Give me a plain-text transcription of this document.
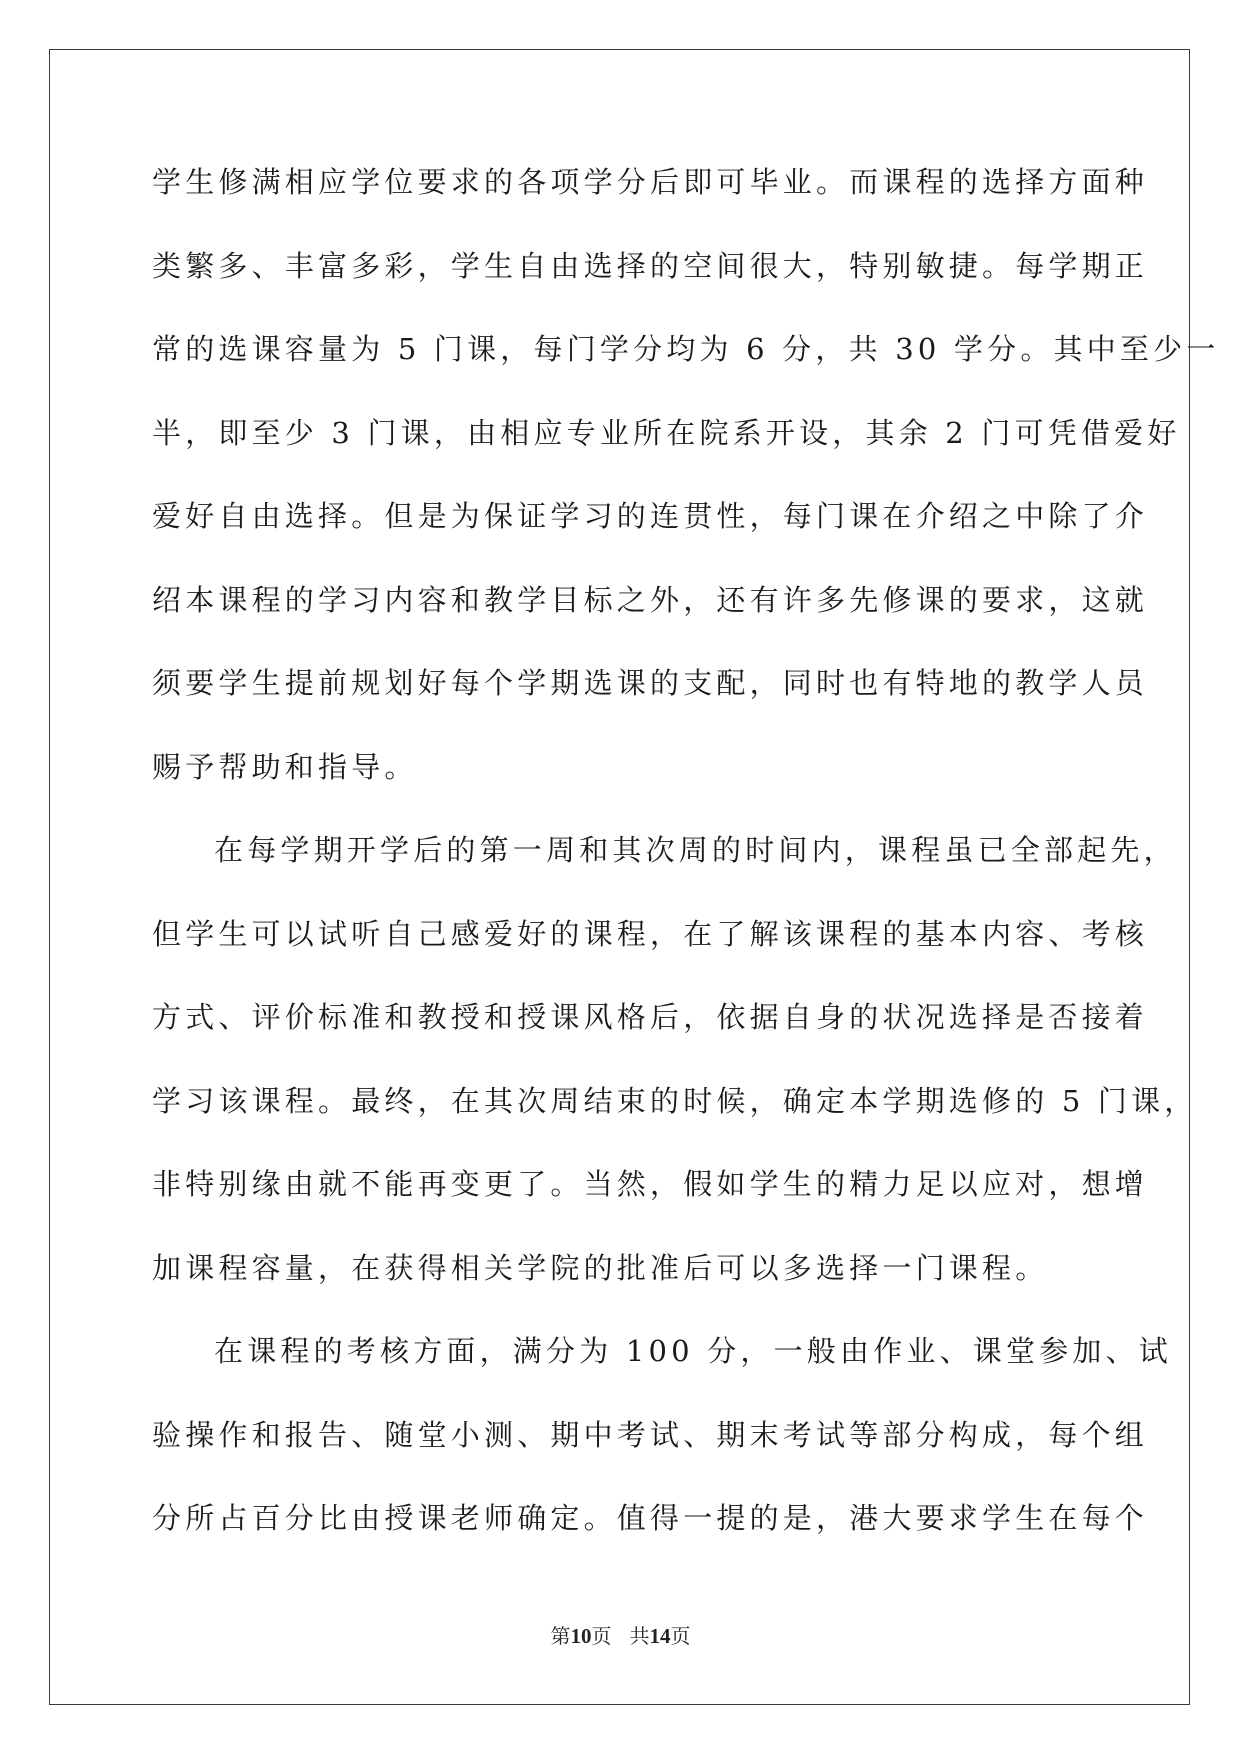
学生修满相应学位要求的各项学分后即可毕业。而课程的选择方面种
类繁多、丰富多彩，学生自由选择的空间很大，特别敏捷。每学期正
常的选课容量为 5 门课，每门学分均为 6 分，共 30 学分。其中至少一
半，即至少 3 门课，由相应专业所在院系开设，其余 2 门可凭借爱好
爱好自由选择。但是为保证学习的连贯性，每门课在介绍之中除了介
绍本课程的学习内容和教学目标之外，还有许多先修课的要求，这就
须要学生提前规划好每个学期选课的支配，同时也有特地的教学人员
赐予帮助和指导。
在每学期开学后的第一周和其次周的时间内，课程虽已全部起先，
但学生可以试听自己感爱好的课程，在了解该课程的基本内容、考核
方式、评价标准和教授和授课风格后，依据自身的状况选择是否接着
学习该课程。最终，在其次周结束的时候，确定本学期选修的 5 门课，
非特别缘由就不能再变更了。当然，假如学生的精力足以应对，想增
加课程容量，在获得相关学院的批准后可以多选择一门课程。
在课程的考核方面，满分为 100 分，一般由作业、课堂参加、试
验操作和报告、随堂小测、期中考试、期末考试等部分构成，每个组
分所占百分比由授课老师确定。值得一提的是，港大要求学生在每个
第10页 共14页
